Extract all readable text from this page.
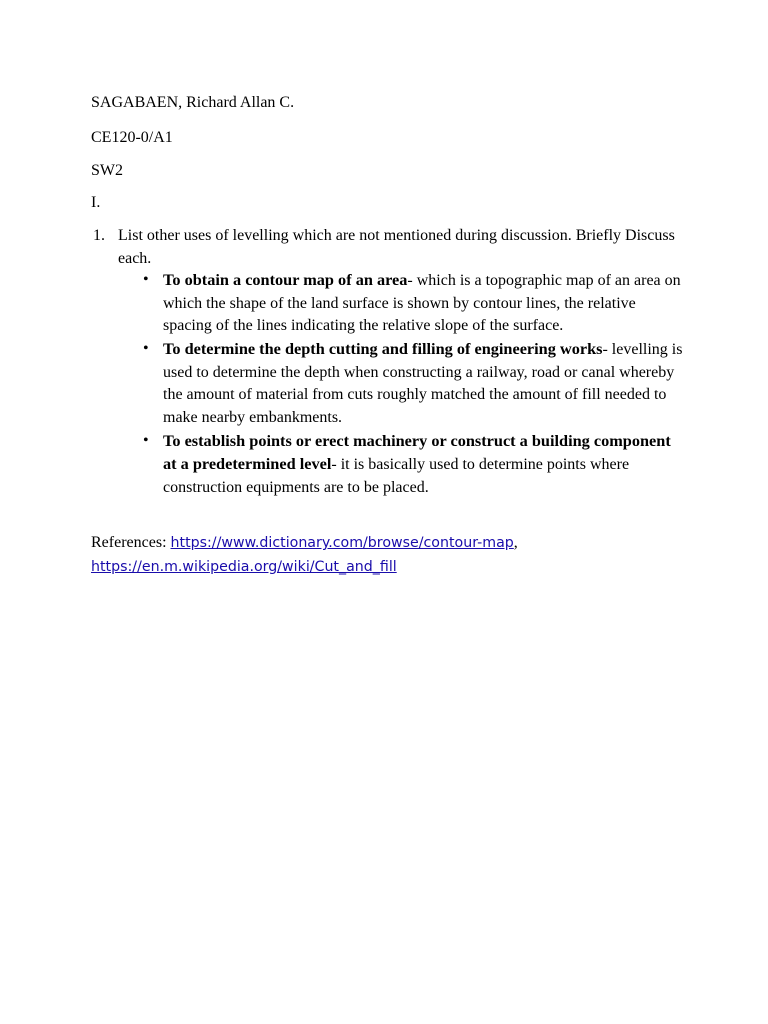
SAGABAEN, Richard Allan C.

CE120-0/A1

SW2

I.

1. List other uses of levelling which are not mentioned during discussion. Briefly Discuss each.
• To obtain a contour map of an area- which is a topographic map of an area on which the shape of the land surface is shown by contour lines, the relative spacing of the lines indicating the relative slope of the surface.
• To determine the depth cutting and filling of engineering works- levelling is used to determine the depth when constructing a railway, road or canal whereby the amount of material from cuts roughly matched the amount of fill needed to make nearby embankments.
• To establish points or erect machinery or construct a building component at a predetermined level- it is basically used to determine points where construction equipments are to be placed.

References: https://www.dictionary.com/browse/contour-map,
https://en.m.wikipedia.org/wiki/Cut_and_fill
